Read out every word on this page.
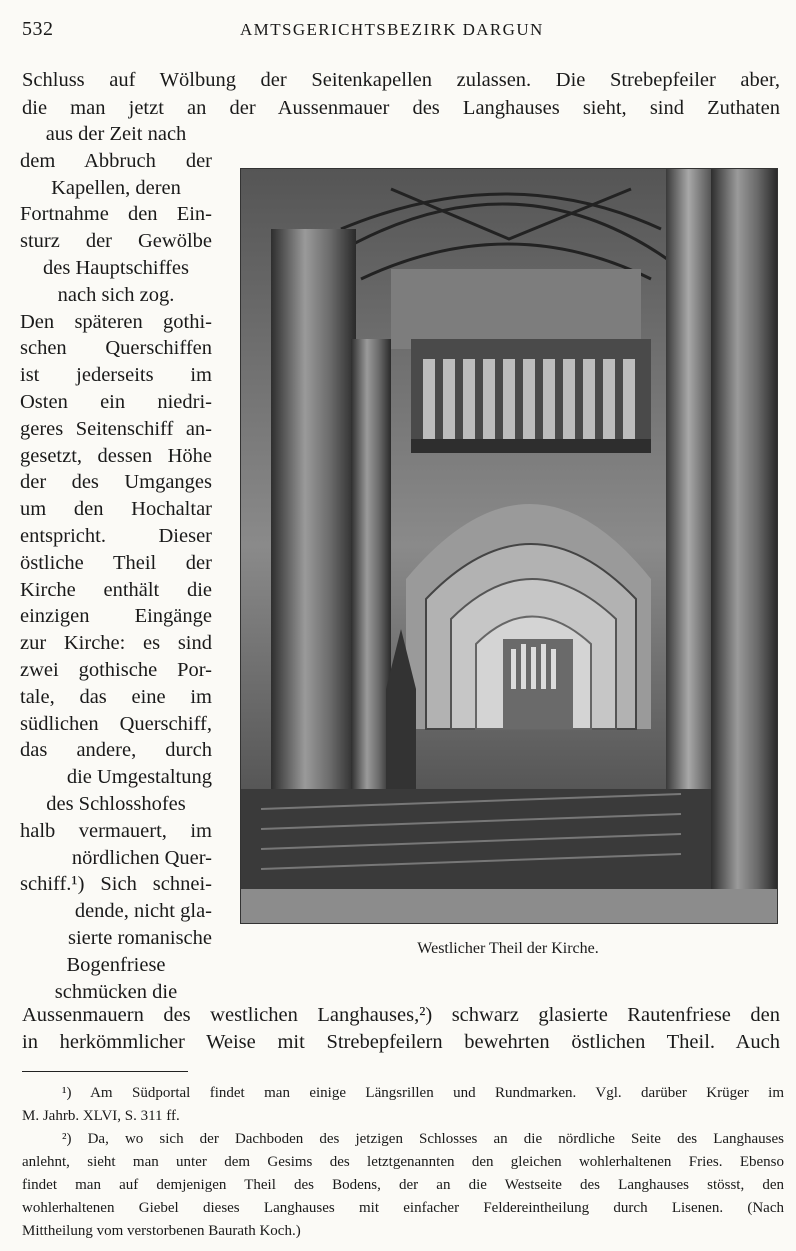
532	AMTSGERICHTSBEZIRK DARGUN
Schluss auf Wölbung der Seitenkapellen zulassen. Die Strebepfeiler aber,
die man jetzt an der Aussenmauer des Langhauses sieht, sind Zuthaten
aus der Zeit nach
dem Abbruch der
Kapellen, deren
Fortnahme den Ein-
sturz der Gewölbe
des Hauptschiffes
nach sich zog.
Den späteren gothi-
schen Querschiffen
ist jederseits im
Osten ein niedri-
geres Seitenschiff an-
gesetzt, dessen Höhe
der des Umganges
um den Hochaltar
entspricht. Dieser
östliche Theil der
Kirche enthält die
einzigen Eingänge
zur Kirche: es sind
zwei gothische Por-
tale, das eine im
südlichen Querschiff,
das andere, durch
die Umgestaltung
des Schlosshofes
halb vermauert, im
nördlichen Quer-
schiff.¹) Sich schnei-
dende, nicht gla-
sierte romanische
Bogenfriese
schmücken die
Westlicher Theil der Kirche.
Aussenmauern des westlichen Langhauses,²) schwarz glasierte Rautenfriese den
in herkömmlicher Weise mit Strebepfeilern bewehrten östlichen Theil. Auch
¹) Am Südportal findet man einige Längsrillen und Rundmarken. Vgl. darüber Krüger im
M. Jahrb. XLVI, S. 311 ff.
²) Da, wo sich der Dachboden des jetzigen Schlosses an die nördliche Seite des Langhauses
anlehnt, sieht man unter dem Gesims des letztgenannten den gleichen wohlerhaltenen Fries. Ebenso
findet man auf demjenigen Theil des Bodens, der an die Westseite des Langhauses stösst, den
wohlerhaltenen Giebel dieses Langhauses mit einfacher Feldereintheilung durch Lisenen. (Nach
Mittheilung vom verstorbenen Baurath Koch.)
